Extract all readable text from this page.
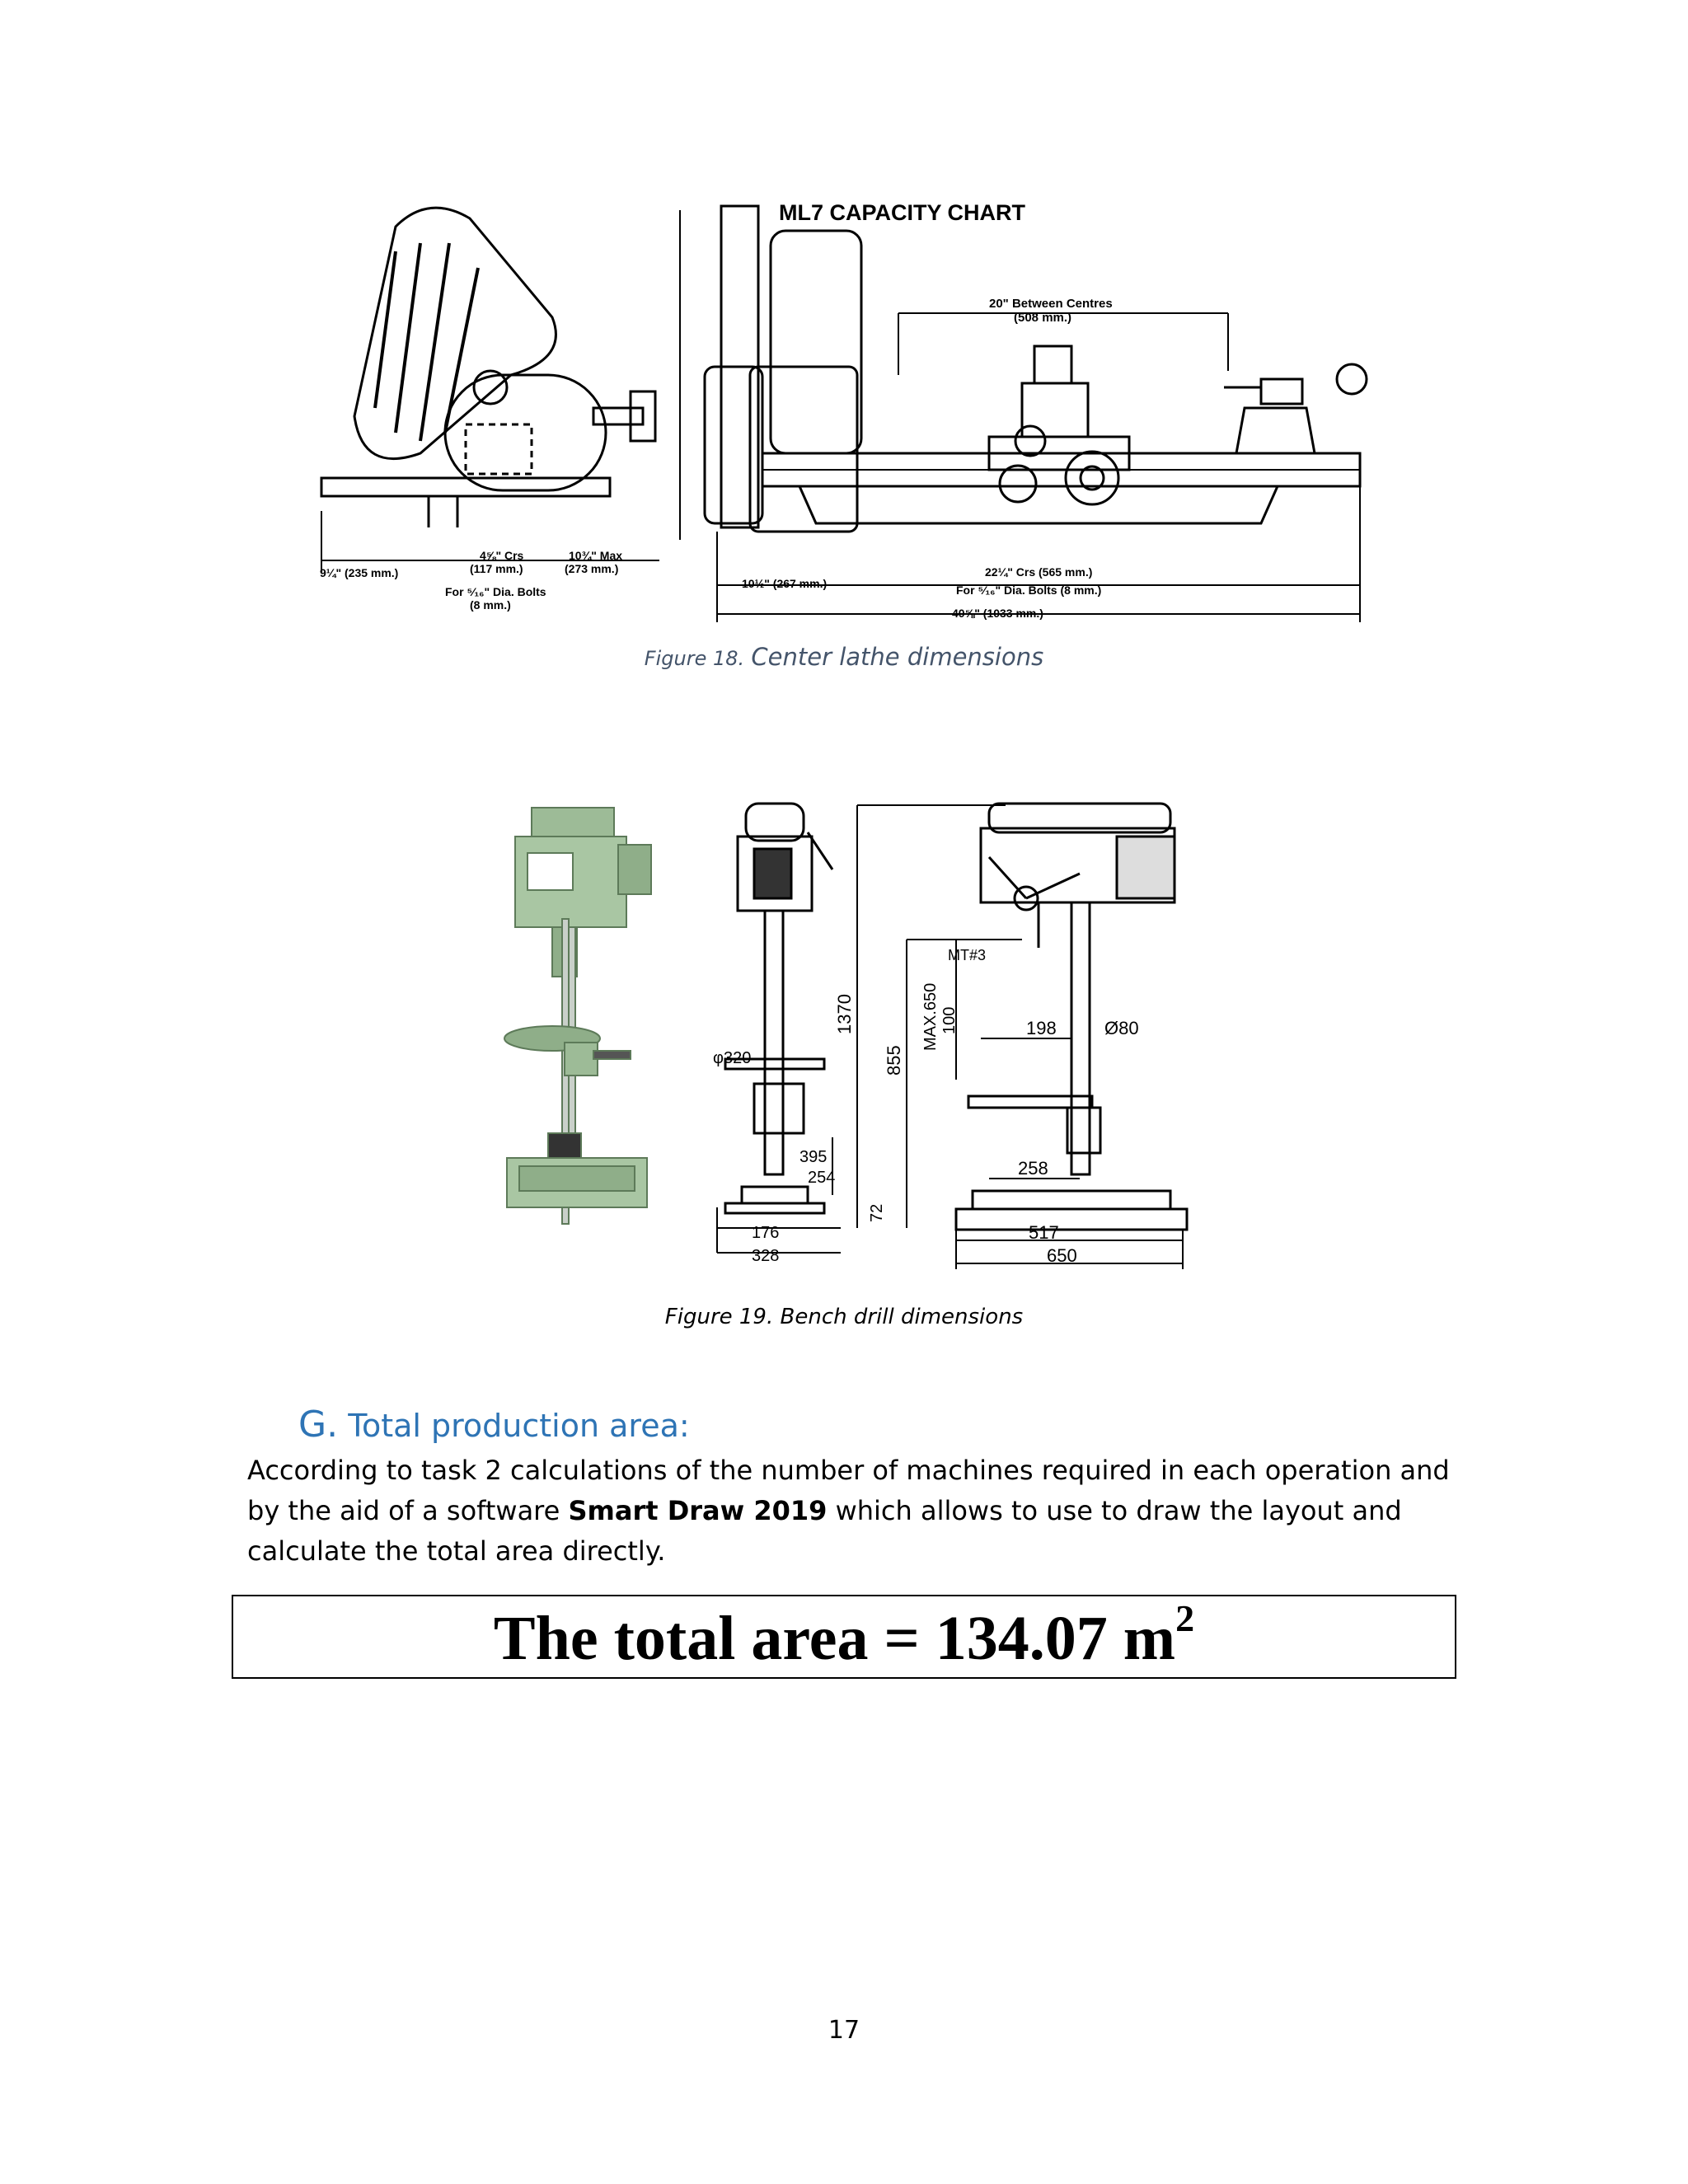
ML7 CAPACITY CHART
20" Between Centres
(508 mm.)
4⅝" Crs
(117 mm.)
10¾" Max
(273 mm.)
9¼" (235 mm.)
For ⁵⁄₁₆" Dia. Bolts
(8 mm.)
10½" (267 mm.)
22¼" Crs (565 mm.)
For ⁵⁄₁₆" Dia. Bolts (8 mm.)
40⅝" (1033 mm.)
Figure 18. Center lathe dimensions
φ320
395
254
176
328
1370
855
72
MAX.650 100
MT#3
198	Ø80
258
517
650
Figure 19. Bench drill dimensions
G. Total production area:
According to task 2 calculations of the number of machines required in each operation and by the aid of a software Smart Draw 2019 which allows to use to draw the layout and calculate the total area directly.
The total area = 134.07 $m^2$
17
